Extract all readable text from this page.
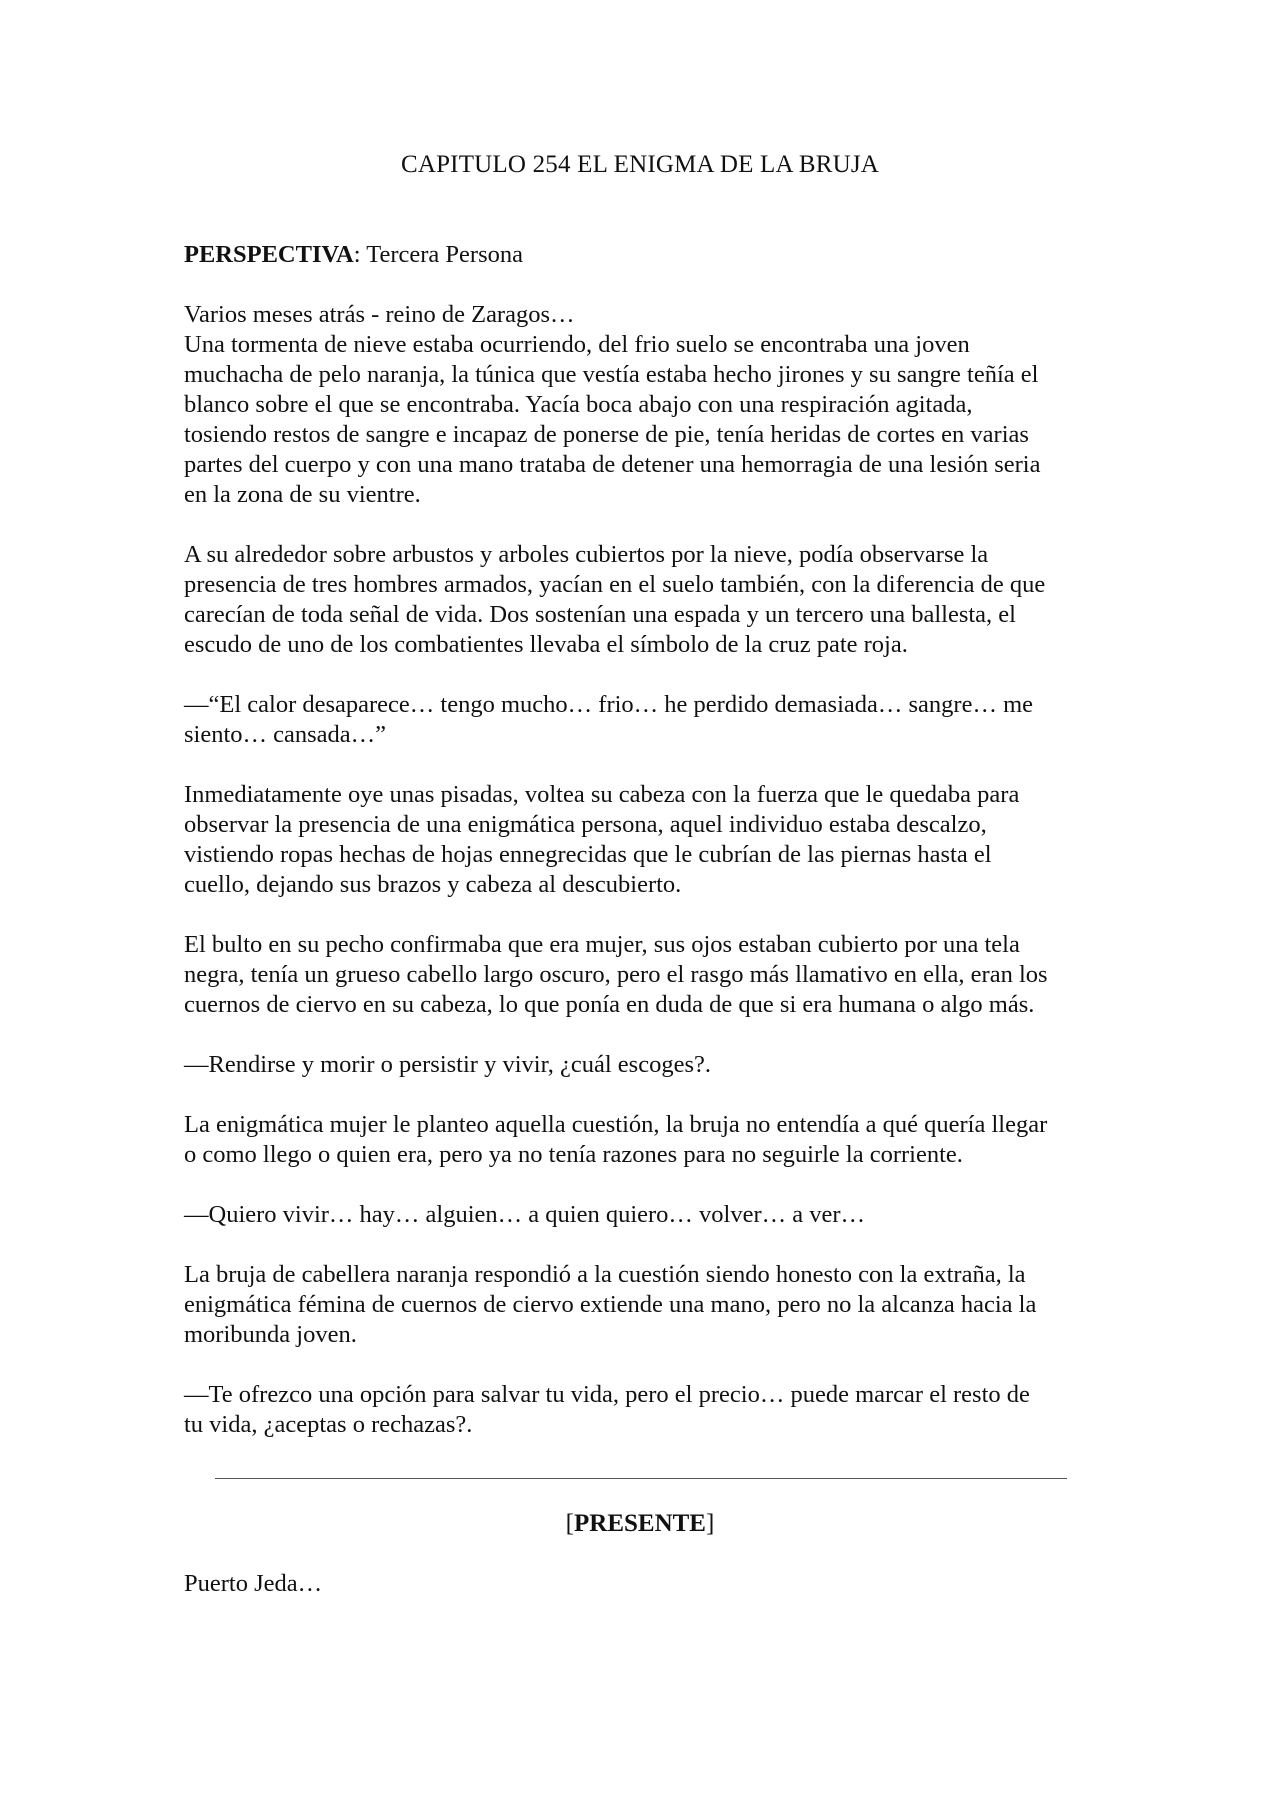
CAPITULO 254 EL ENIGMA DE LA BRUJA

PERSPECTIVA: Tercera Persona

Varios meses atrás - reino de Zaragos…
Una tormenta de nieve estaba ocurriendo, del frio suelo se encontraba una joven
muchacha de pelo naranja, la túnica que vestía estaba hecho jirones y su sangre teñía el
blanco sobre el que se encontraba. Yacía boca abajo con una respiración agitada,
tosiendo restos de sangre e incapaz de ponerse de pie, tenía heridas de cortes en varias
partes del cuerpo y con una mano trataba de detener una hemorragia de una lesión seria
en la zona de su vientre.

A su alrededor sobre arbustos y arboles cubiertos por la nieve, podía observarse la
presencia de tres hombres armados, yacían en el suelo también, con la diferencia de que
carecían de toda señal de vida. Dos sostenían una espada y un tercero una ballesta, el
escudo de uno de los combatientes llevaba el símbolo de la cruz pate roja.

—“El calor desaparece… tengo mucho… frio… he perdido demasiada… sangre… me
siento… cansada…”

Inmediatamente oye unas pisadas, voltea su cabeza con la fuerza que le quedaba para
observar la presencia de una enigmática persona, aquel individuo estaba descalzo,
vistiendo ropas hechas de hojas ennegrecidas que le cubrían de las piernas hasta el
cuello, dejando sus brazos y cabeza al descubierto.

El bulto en su pecho confirmaba que era mujer, sus ojos estaban cubierto por una tela
negra, tenía un grueso cabello largo oscuro, pero el rasgo más llamativo en ella, eran los
cuernos de ciervo en su cabeza, lo que ponía en duda de que si era humana o algo más.

—Rendirse y morir o persistir y vivir, ¿cuál escoges?.

La enigmática mujer le planteo aquella cuestión, la bruja no entendía a qué quería llegar
o como llego o quien era, pero ya no tenía razones para no seguirle la corriente.

—Quiero vivir… hay… alguien… a quien quiero… volver… a ver…

La bruja de cabellera naranja respondió a la cuestión siendo honesto con la extraña, la
enigmática fémina de cuernos de ciervo extiende una mano, pero no la alcanza hacia la
moribunda joven.

—Te ofrezco una opción para salvar tu vida, pero el precio… puede marcar el resto de
tu vida, ¿aceptas o rechazas?.

[PRESENTE]

Puerto Jeda…
